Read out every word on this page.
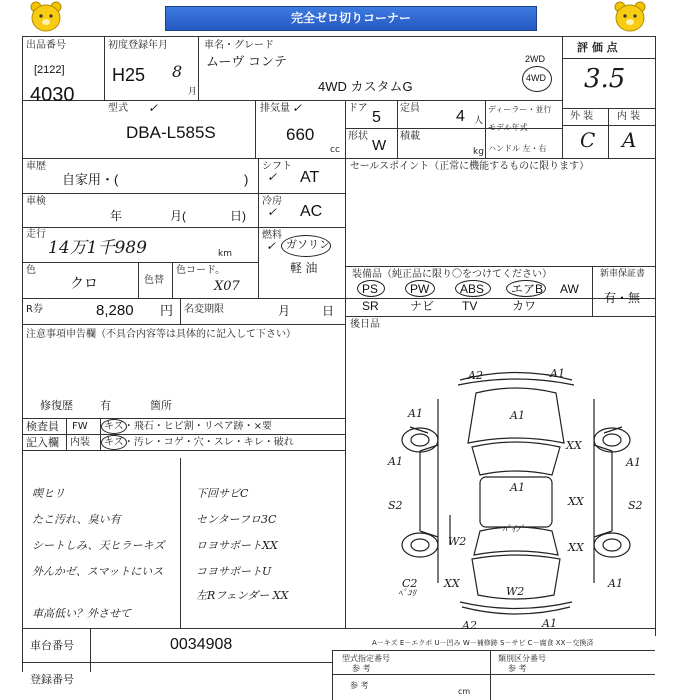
完全ゼロ切りコーナー
出品番号
[2122]
4030
初度登録年月
H25 8
月
車名・グレード
ムーヴ コンテ
4WD カスタムG
2WD
4WD
評 価 点
3.5
型式 ✓
DBA-L585S
排気量 ✓
660
cc
ドア
5
形状
W
定員 4 人
積載
kg
ディーラー・並行
モデル年式
ハンドル 左・右
外 装 内 装
C A
車歴
自家用・(	)
シフト
✓ AT
セールスポイント（正常に機能するものに限ります）
車検
年	月(	日)
冷房
✓ AC
走行
14万1千989	km
燃料
✓ ガソリン
軽 油
色
クロ	色替
色コード。
X07
装備品（純正品に限り〇をつけてください）	新車保証書
有・無
PS	PW	ABS エアB AW
SR	ナビ TV	カワ
R券	8,280 円 名変期限	月	日
後日品
注意事項申告欄（不具合内容等は具体的に記入して下さい）
修復歴 有	箇所
検査員
記入欄
FW キズ・飛石・ヒビ割・リペア跡・×要
内装 キズ・汚レ・コゲ・穴・スレ・キレ・破れ
喫ヒリ
たこ汚れ、臭い有
シートしみ、天ヒラーキズ
外んかゼ、スマットにいス
下回サビC
センターフロ3C
ロヨサポートXX
コヨサポートU
左Rフェンダー XX
車高低い？外させて
車台番号	0034908
登録番号
A－キズ E－エクボ U－凹み W－補修跡 S－サビ C－腐食 XX－交換済
型式指定番号
参 考
類別区分番号
参 考
参 考
cm
A2	A1
A1
A1
XX
A1
XX
A1
A1
S2	S2
W2
ﾊﾟｲﾌﾟ
XX
C2 XX
ﾍﾟｺﾘ	W2
A1
A2	A1
